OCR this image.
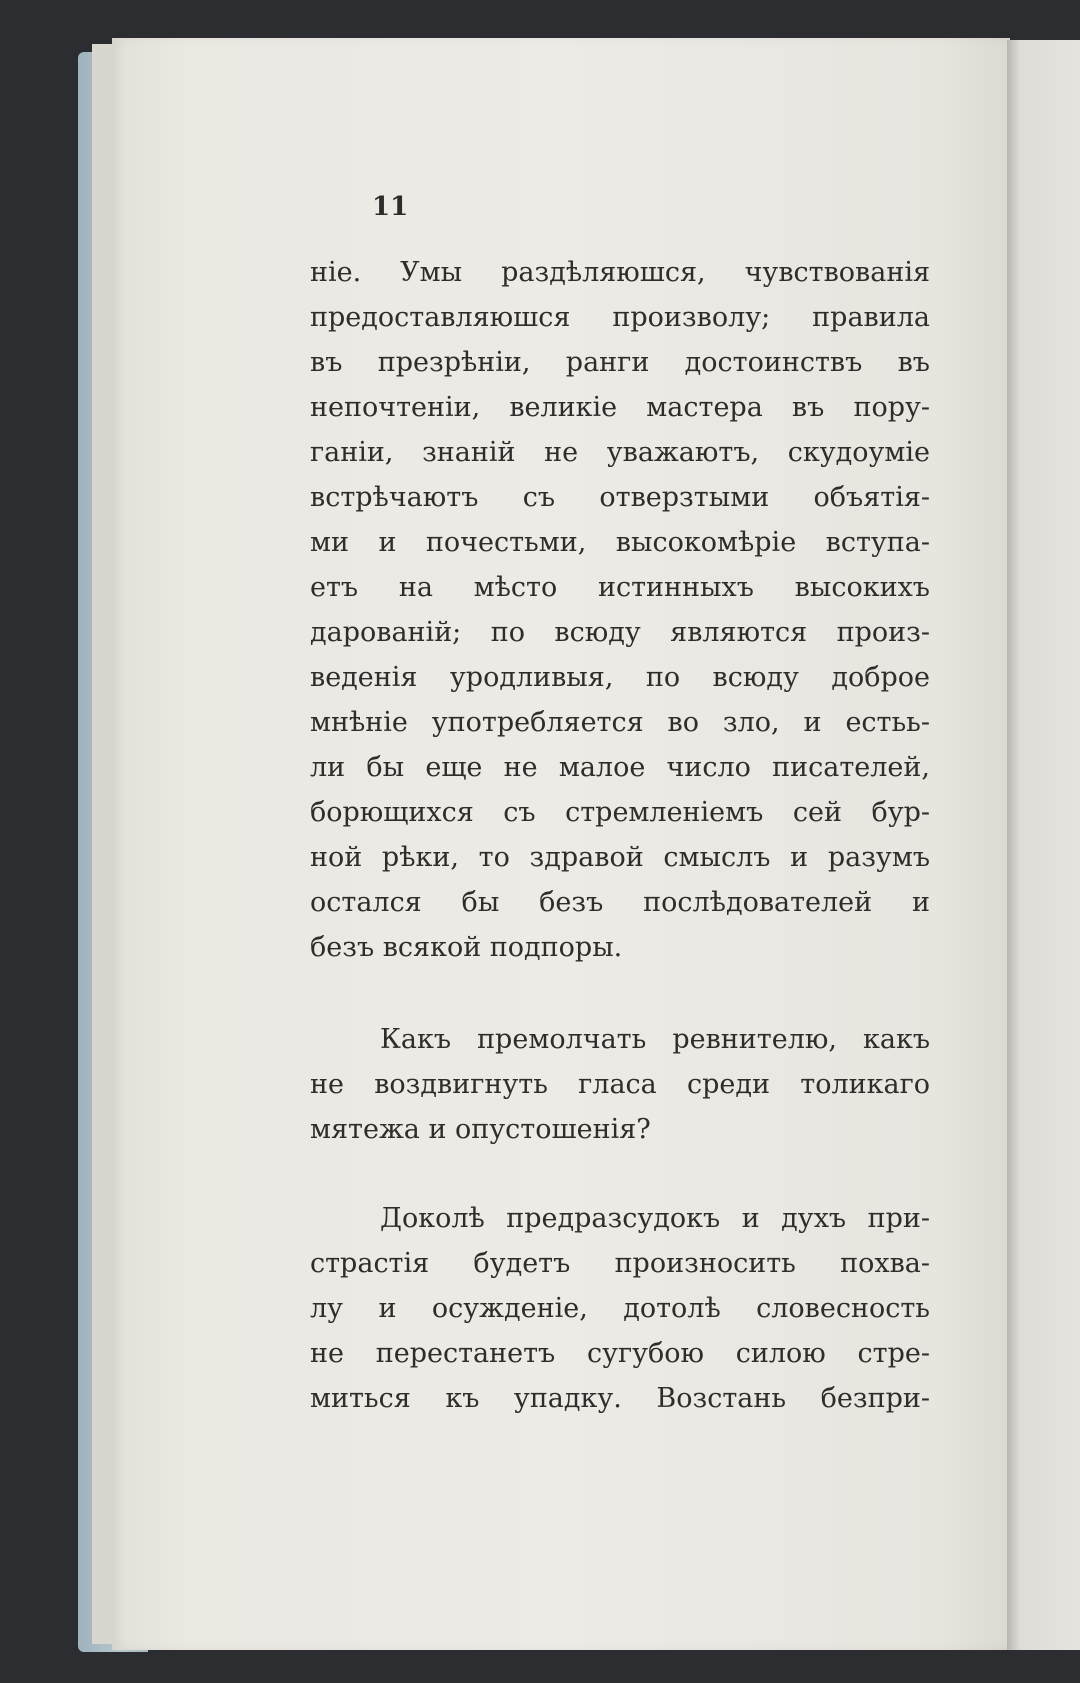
11

ніе. Умы раздѣляюшся, чувствованія
предоставляюшся произволу; правила
въ презрѣніи, ранги достоинствъ въ
непочтеніи, великіе мастера въ пору-
ганіи, знаній не уважаютъ, скудоуміе
встрѣчаютъ съ отверзтыми объятія-
ми и почестьми, высокомѣріе вступа-
етъ на мѣсто истинныхъ высокихъ
дарованій; по всюду являются произ-
веденія уродливыя, по всюду доброе
мнѣніе употребляется во зло, и естьь-
ли бы еще не малое число писателей,
борющихся съ стремленіемъ сей бур-
ной рѣки, то здравой смыслъ и разумъ
остался бы безъ послѣдователей и
безъ всякой подпоры.
Какъ премолчать ревнителю, какъ
не воздвигнуть гласа среди толикаго
мятежа и опустошенія?
Доколѣ предразсудокъ и духъ при-
страстія будетъ произносить похва-
лу и осужденіе, дотолѣ словесность
не перестанетъ сугубою силою стре-
миться къ упадку. Возстань безпри-
